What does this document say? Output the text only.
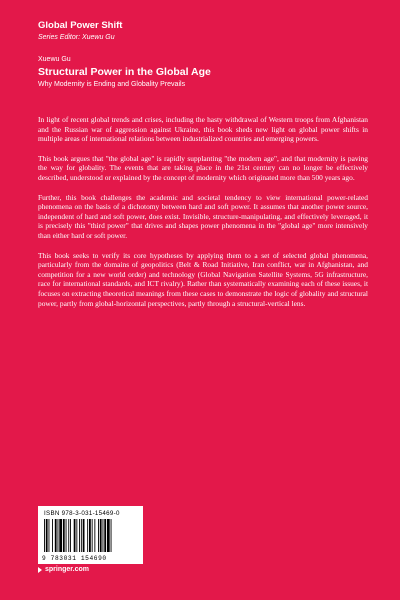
Global Power Shift
Series Editor: Xuewu Gu
Xuewu Gu
Structural Power in the Global Age
Why Modernity is Ending and Globality Prevails

In light of recent global trends and crises, including the hasty withdrawal of Western troops from Afghanistan and the Russian war of aggression against Ukraine, this book sheds new light on global power shifts in multiple areas of international relations between industrialized countries and emerging powers.

This book argues that "the global age" is rapidly supplanting "the modern age", and that modernity is paving the way for globality. The events that are taking place in the 21st century can no longer be effectively described, understood or explained by the concept of modernity which originated more than 500 years ago.

Further, this book challenges the academic and societal tendency to view international power-related phenomena on the basis of a dichotomy between hard and soft power. It assumes that another power source, independent of hard and soft power, does exist. Invisible, structure-manipulating, and effectively leveraged, it is precisely this "third power" that drives and shapes power phenomena in the "global age" more intensively than either hard or soft power.

This book seeks to verify its core hypotheses by applying them to a set of selected global phenomena, particularly from the domains of geopolitics (Belt & Road Initiative, Iran conflict, war in Afghanistan, and competition for a new world order) and technology (Global Navigation Satellite Systems, 5G infrastructure, race for international standards, and ICT rivalry). Rather than systematically examining each of these issues, it focuses on extracting theoretical meanings from these cases to demonstrate the logic of globality and structural power, partly from global-horizontal perspectives, partly through a structural-vertical lens.

ISBN 978-3-031-15469-0
9 783031 154690
springer.com
